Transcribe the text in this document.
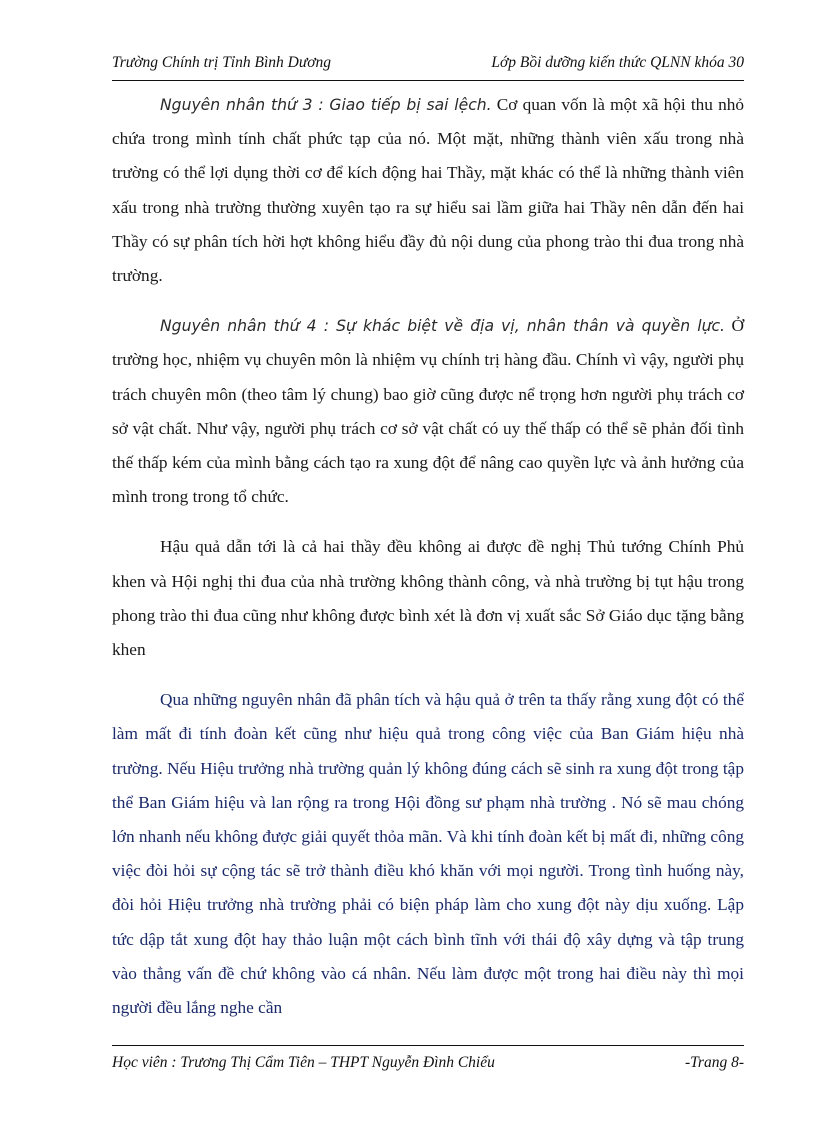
Trường Chính trị Tỉnh Bình Dương	Lớp Bồi dưỡng kiến thức QLNN khóa 30

Nguyên nhân thứ 3 : Giao tiếp bị sai lệch. Cơ quan vốn là một xã hội thu nhỏ chứa trong mình tính chất phức tạp của nó. Một mặt, những thành viên xấu trong nhà trường có thể lợi dụng thời cơ để kích động hai Thầy, mặt khác có thể là những thành viên xấu trong nhà trường thường xuyên tạo ra sự hiểu sai lầm giữa hai Thầy nên dẫn đến hai Thầy có sự phân tích hời hợt không hiểu đầy đủ nội dung của phong trào thi đua trong nhà trường.

Nguyên nhân thứ 4 : Sự khác biệt về địa vị, nhân thân và quyền lực. Ở trường học, nhiệm vụ chuyên môn là nhiệm vụ chính trị hàng đầu. Chính vì vậy, người phụ trách chuyên môn (theo tâm lý chung) bao giờ cũng được nể trọng hơn người phụ trách cơ sở vật chất. Như vậy, người phụ trách cơ sở vật chất có uy thế thấp có thể sẽ phản đối tình thế thấp kém của mình bằng cách tạo ra xung đột để nâng cao quyền lực và ảnh hưởng của mình trong trong tổ chức.

Hậu quả dẫn tới là cả hai thầy đều không ai được đề nghị Thủ tướng Chính Phủ khen và Hội nghị thi đua của nhà trường không thành công, và nhà trường bị tụt hậu trong phong trào thi đua cũng như không được bình xét là đơn vị xuất sắc Sở Giáo dục tặng bằng khen

Qua những nguyên nhân đã phân tích và hậu quả ở trên ta thấy rằng xung đột có thể làm mất đi tính đoàn kết cũng như hiệu quả trong công việc của Ban Giám hiệu nhà trường. Nếu Hiệu trưởng nhà trường quản lý không đúng cách sẽ sinh ra xung đột trong tập thể Ban Giám hiệu và lan rộng ra trong Hội đồng sư phạm nhà trường . Nó sẽ mau chóng lớn nhanh nếu không được giải quyết thỏa mãn. Và khi tính đoàn kết bị mất đi, những công việc đòi hỏi sự cộng tác sẽ trở thành điều khó khăn với mọi người. Trong tình huống này, đòi hỏi Hiệu trưởng nhà trường phải có biện pháp làm cho xung đột này dịu xuống. Lập tức dập tắt xung đột hay thảo luận một cách bình tĩnh với thái độ xây dựng và tập trung vào thẳng vấn đề chứ không vào cá nhân. Nếu làm được một trong hai điều này thì mọi người đều lắng nghe cần

Học viên : Trương Thị Cẩm Tiên – THPT Nguyễn Đình Chiểu	-Trang 8-
